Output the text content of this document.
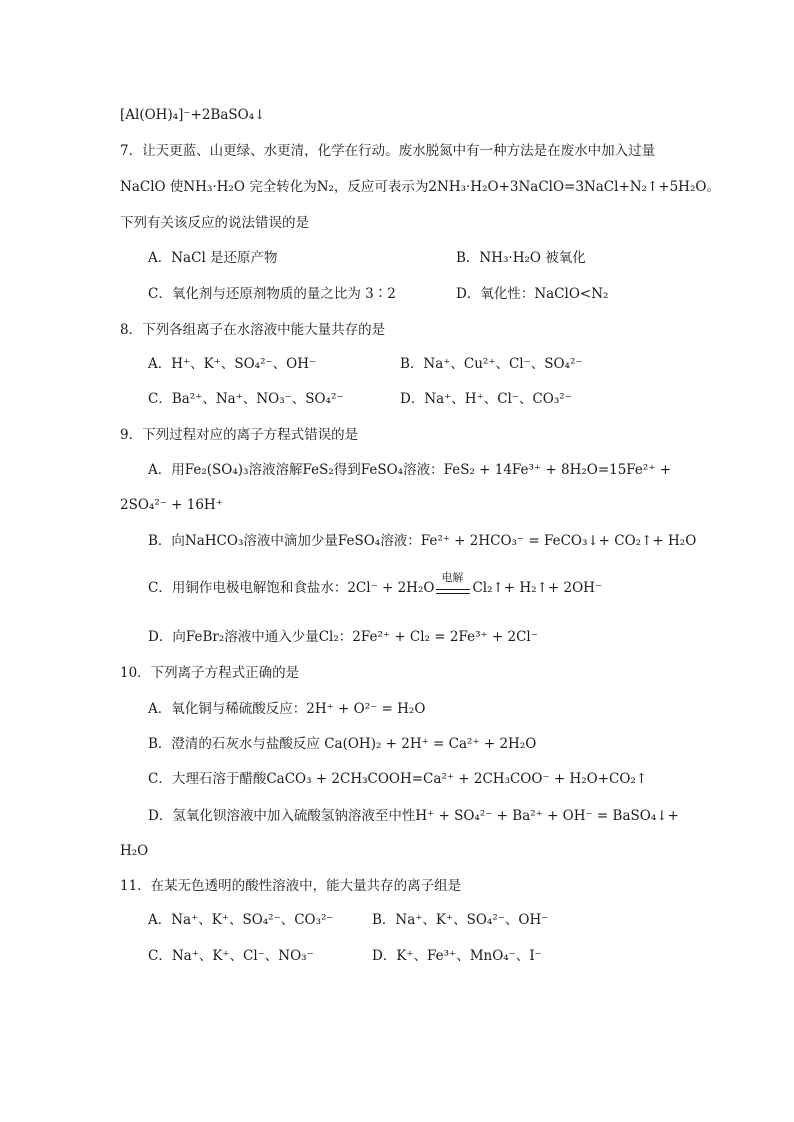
[Al(OH)₄]⁻+2BaSO₄↓
7．让天更蓝、山更绿、水更清，化学在行动。废水脱氮中有一种方法是在废水中加入过量
NaClO 使NH₃·H₂O 完全转化为N₂，反应可表示为2NH₃·H₂O+3NaClO=3NaCl+N₂↑+5H₂O。
下列有关该反应的说法错误的是
A．NaCl 是还原产物	B．NH₃·H₂O 被氧化
C．氧化剂与还原剂物质的量之比为 3∶2	D．氧化性：NaClO<N₂
8．下列各组离子在水溶液中能大量共存的是
A．H⁺、K⁺、SO₄²⁻、OH⁻	B．Na⁺、Cu²⁺、Cl⁻、SO₄²⁻
C．Ba²⁺、Na⁺、NO₃⁻、SO₄²⁻	D．Na⁺、H⁺、Cl⁻、CO₃²⁻
9．下列过程对应的离子方程式错误的是
A．用Fe₂(SO₄)₃溶液溶解FeS₂得到FeSO₄溶液：FeS₂ + 14Fe³⁺ + 8H₂O=15Fe²⁺ +
2SO₄²⁻ + 16H⁺
B．向NaHCO₃溶液中滴加少量FeSO₄溶液：Fe²⁺ + 2HCO₃⁻ = FeCO₃↓+ CO₂↑+ H₂O
C．用铜作电极电解饱和食盐水：2Cl⁻ + 2H₂O
电解
Cl₂↑+ H₂↑+ 2OH⁻
D．向FeBr₂溶液中通入少量Cl₂：2Fe²⁺ + Cl₂ = 2Fe³⁺ + 2Cl⁻
10．下列离子方程式正确的是
A．氧化铜与稀硫酸反应：2H⁺ + O²⁻ = H₂O
B．澄清的石灰水与盐酸反应 Ca(OH)₂ + 2H⁺ = Ca²⁺ + 2H₂O
C．大理石溶于醋酸CaCO₃ + 2CH₃COOH=Ca²⁺ + 2CH₃COO⁻ + H₂O+CO₂↑
D．氢氧化钡溶液中加入硫酸氢钠溶液至中性H⁺ + SO₄²⁻ + Ba²⁺ + OH⁻ = BaSO₄↓+
H₂O
11．在某无色透明的酸性溶液中，能大量共存的离子组是
A．Na⁺、K⁺、SO₄²⁻、CO₃²⁻	B．Na⁺、K⁺、SO₄²⁻、OH⁻
C．Na⁺、K⁺、Cl⁻、NO₃⁻	D．K⁺、Fe³⁺、MnO₄⁻、I⁻
